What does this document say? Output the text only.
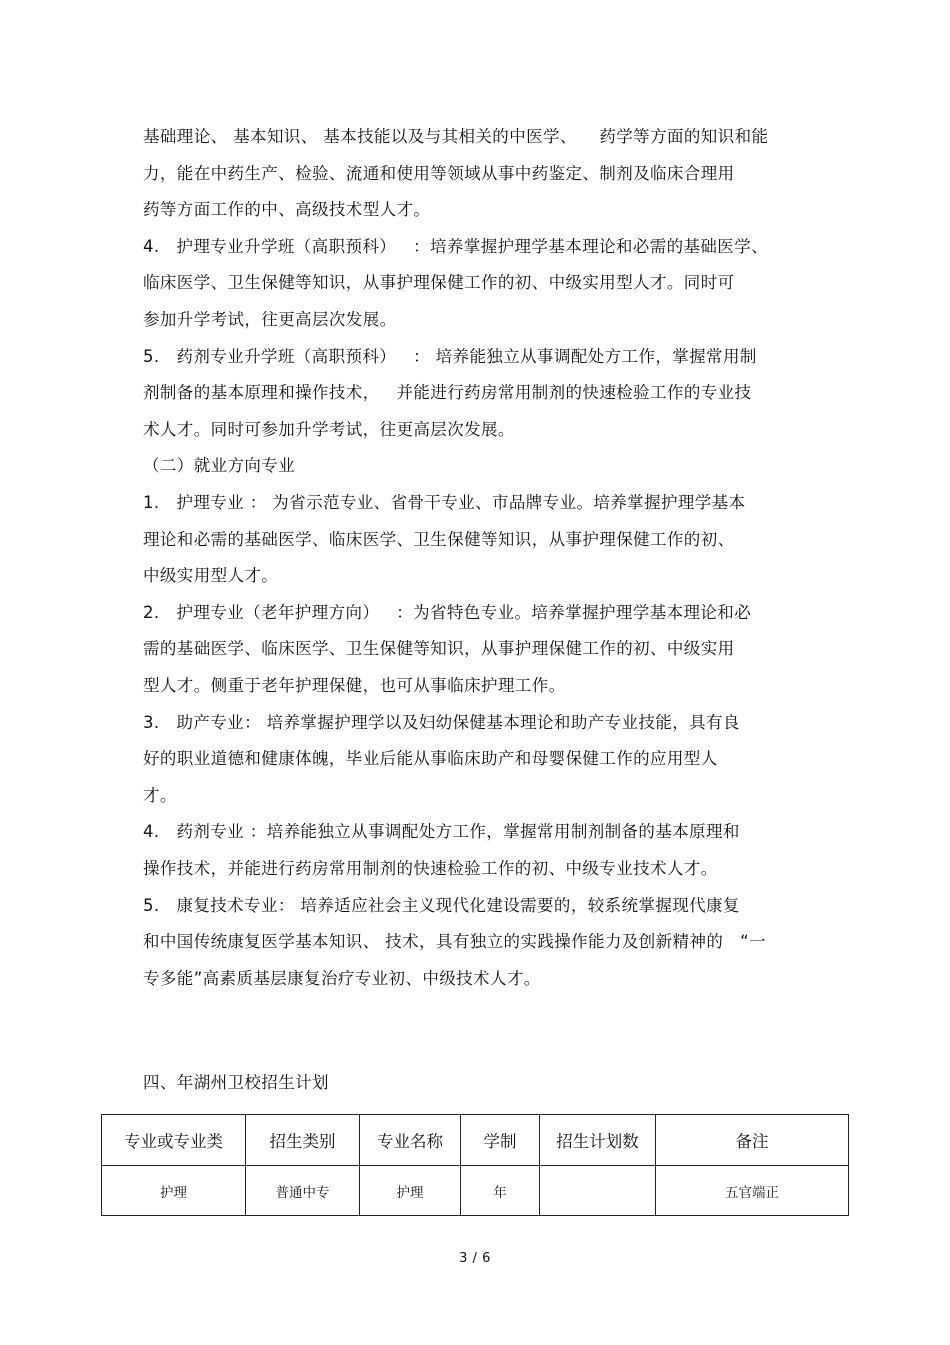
基础理论、 基本知识、 基本技能以及与其相关的中医学、    药学等方面的知识和能
力，能在中药生产、检验、流通和使用等领域从事中药鉴定、制剂及临床合理用
药等方面工作的中、高级技术型人才。
4.   护理专业升学班（高职预科）   ：培养掌握护理学基本理论和必需的基础医学、
临床医学、卫生保健等知识，从事护理保健工作的初、中级实用型人才。同时可
参加升学考试，往更高层次发展。
5.   药剂专业升学班（高职预科）   ： 培养能独立从事调配处方工作，掌握常用制
剂制备的基本原理和操作技术，   并能进行药房常用制剂的快速检验工作的专业技
术人才。同时可参加升学考试，往更高层次发展。
（二）就业方向专业
1.   护理专业 ： 为省示范专业、省骨干专业、市品牌专业。培养掌握护理学基本
理论和必需的基础医学、临床医学、卫生保健等知识，从事护理保健工作的初、
中级实用型人才。
2.   护理专业（老年护理方向）   ：为省特色专业。培养掌握护理学基本理论和必
需的基础医学、临床医学、卫生保健等知识，从事护理保健工作的初、中级实用
型人才。侧重于老年护理保健，也可从事临床护理工作。
3.   助产专业： 培养掌握护理学以及妇幼保健基本理论和助产专业技能，具有良
好的职业道德和健康体魄，毕业后能从事临床助产和母婴保健工作的应用型人
才。
4.   药剂专业 ：培养能独立从事调配处方工作，掌握常用制剂制备的基本原理和
操作技术，并能进行药房常用制剂的快速检验工作的初、中级专业技术人才。
5.   康复技术专业： 培养适应社会主义现代化建设需要的，较系统掌握现代康复
和中国传统康复医学基本知识、 技术，具有独立的实践操作能力及创新精神的   “一
专多能”高素质基层康复治疗专业初、中级技术人才。
四、年湖州卫校招生计划
专业或专业类	招生类别	专业名称	学制	招生计划数	备注
护理	普通中专	护理	年		五官端正
3 / 6
